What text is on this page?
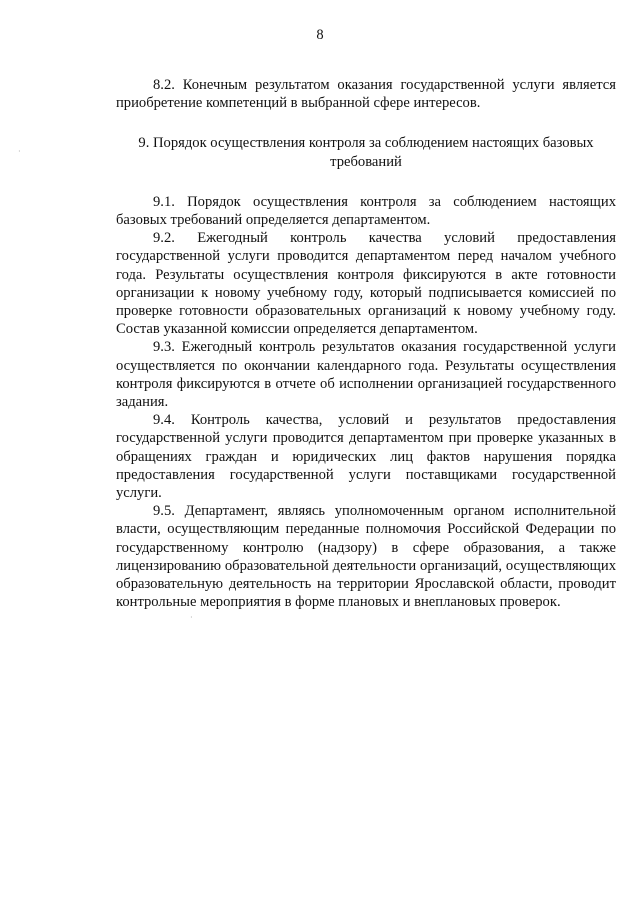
8
·
·

8.2. Конечным результатом оказания государственной услуги является приобретение компетенций в выбранной сфере интересов.

9. Порядок осуществления контроля за соблюдением настоящих базовых
требований

9.1. Порядок осуществления контроля за соблюдением настоящих базовых требований определяется департаментом.

9.2. Ежегодный контроль качества условий предоставления государственной услуги проводится департаментом перед началом учебного года. Результаты осуществления контроля фиксируются в акте готовности организации к новому учебному году, который подписывается комиссией по проверке готовности образовательных организаций к новому учебному году. Состав указанной комиссии определяется департаментом.

9.3. Ежегодный контроль результатов оказания государственной услуги осуществляется по окончании календарного года. Результаты осуществления контроля фиксируются в отчете об исполнении организацией государственного задания.

9.4. Контроль качества, условий и результатов предоставления государственной услуги проводится департаментом при проверке указанных в обращениях граждан и юридических лиц фактов нарушения порядка предоставления государственной услуги поставщиками государственной услуги.

9.5. Департамент, являясь уполномоченным органом исполнительной власти, осуществляющим переданные полномочия Российской Федерации по государственному контролю (надзору) в сфере образования, а также лицензированию образовательной деятельности организаций, осуществляющих образовательную деятельность на территории Ярославской области, проводит контрольные мероприятия в форме плановых и внеплановых проверок.
